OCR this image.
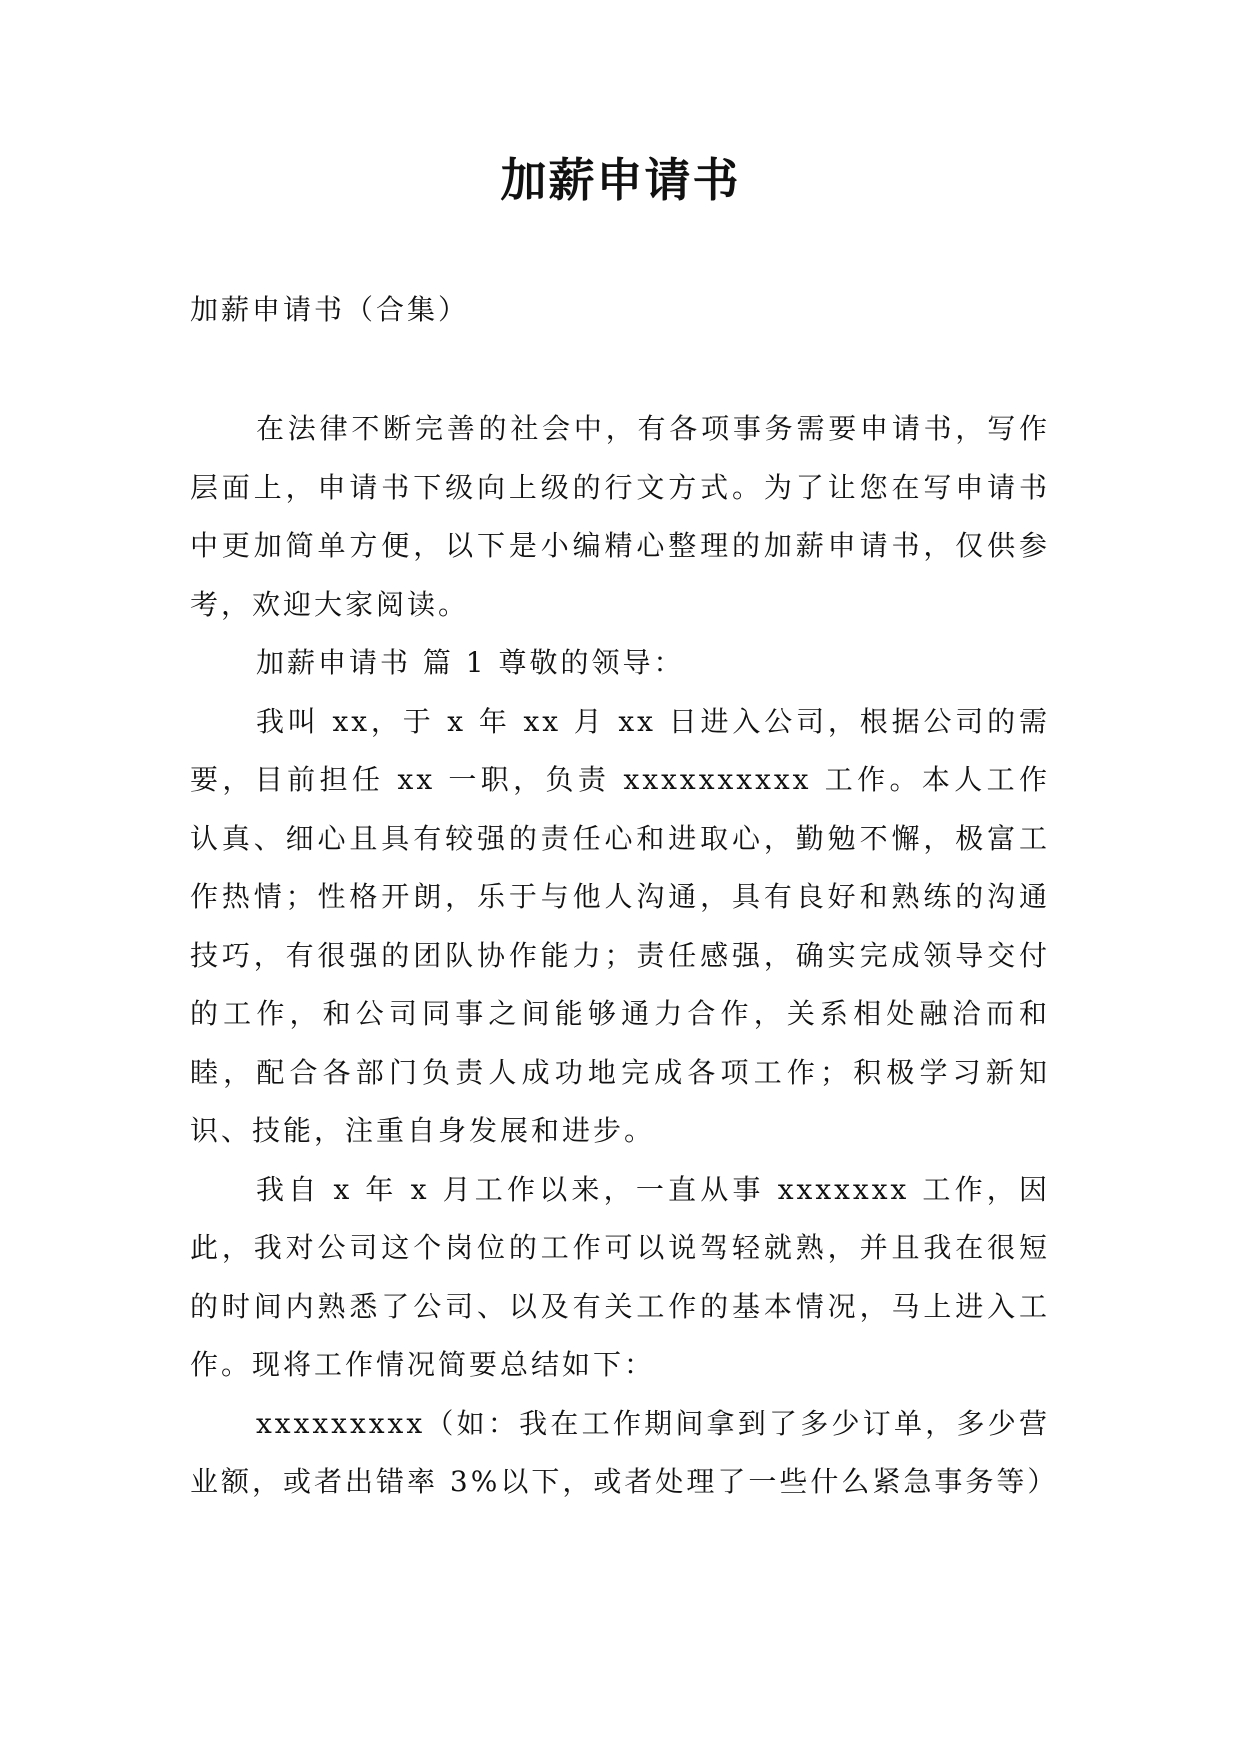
加薪申请书
加薪申请书（合集）

在法律不断完善的社会中，有各项事务需要申请书，写作层面上，申请书下级向上级的行文方式。为了让您在写申请书中更加简单方便，以下是小编精心整理的加薪申请书，仅供参考，欢迎大家阅读。

加薪申请书 篇 1 尊敬的领导：

我叫 xx，于 x 年 xx 月 xx 日进入公司，根据公司的需要，目前担任 xx 一职，负责 xxxxxxxxxx 工作。本人工作认真、细心且具有较强的责任心和进取心，勤勉不懈，极富工作热情；性格开朗，乐于与他人沟通，具有良好和熟练的沟通技巧，有很强的团队协作能力；责任感强，确实完成领导交付的工作，和公司同事之间能够通力合作，关系相处融洽而和睦，配合各部门负责人成功地完成各项工作；积极学习新知识、技能，注重自身发展和进步。

我自 x 年 x 月工作以来，一直从事 xxxxxxx 工作，因此，我对公司这个岗位的工作可以说驾轻就熟，并且我在很短的时间内熟悉了公司、以及有关工作的基本情况，马上进入工作。现将工作情况简要总结如下：

xxxxxxxxx（如：我在工作期间拿到了多少订单，多少营业额，或者出错率 3%以下，或者处理了一些什么紧急事务等）
